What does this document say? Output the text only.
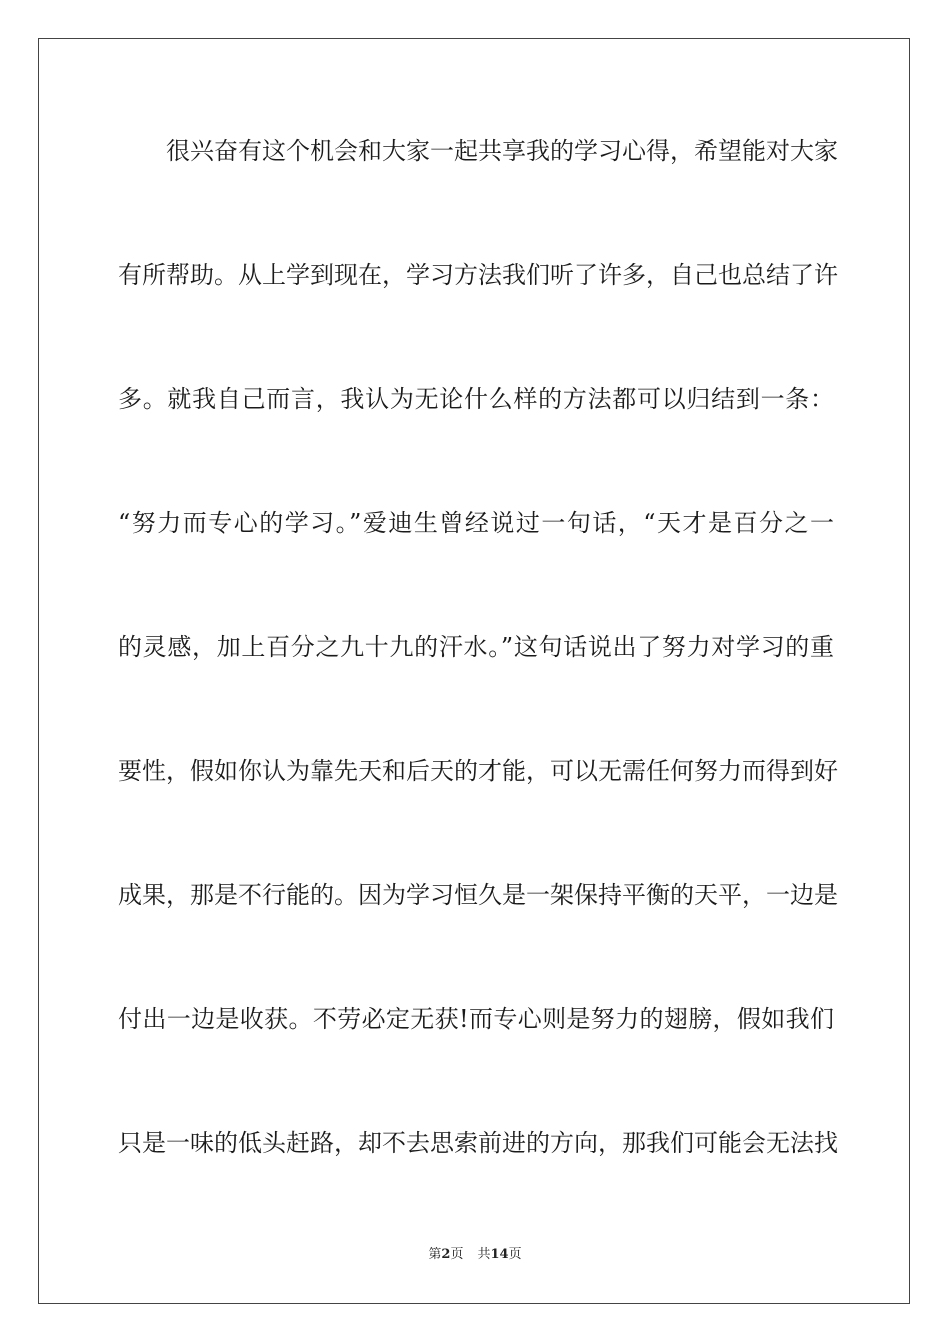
很兴奋有这个机会和大家一起共享我的学习心得，希望能对大家
有所帮助。从上学到现在，学习方法我们听了许多，自己也总结了许
多。就我自己而言，我认为无论什么样的方法都可以归结到一条：
“努力而专心的学习。”爱迪生曾经说过一句话，“天才是百分之一
的灵感，加上百分之九十九的汗水。”这句话说出了努力对学习的重
要性，假如你认为靠先天和后天的才能，可以无需任何努力而得到好
成果，那是不行能的。因为学习恒久是一架保持平衡的天平，一边是
付出一边是收获。不劳必定无获!而专心则是努力的翅膀，假如我们
只是一味的低头赶路，却不去思索前进的方向，那我们可能会无法找
第2页 共14页
